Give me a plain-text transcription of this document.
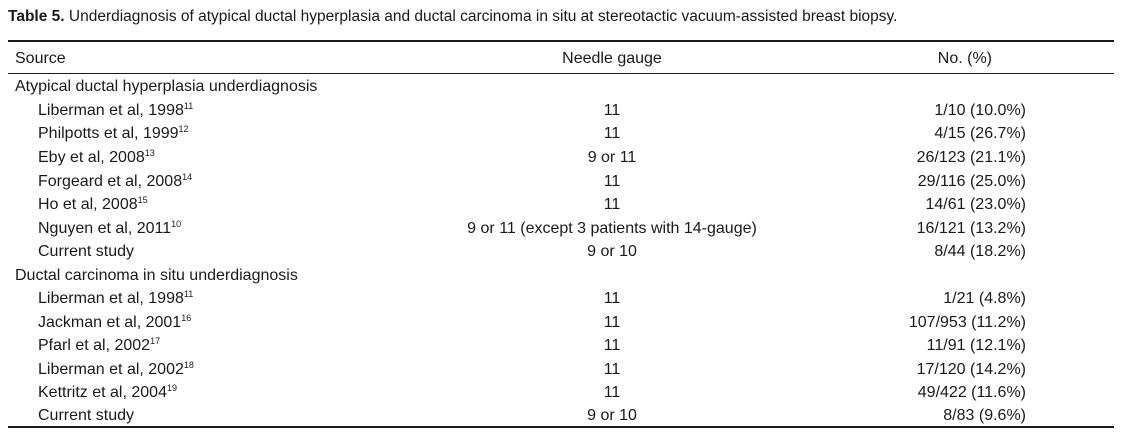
Table 5. Underdiagnosis of atypical ductal hyperplasia and ductal carcinoma in situ at stereotactic vacuum-assisted breast biopsy.
Source	Needle gauge	No. (%)
Atypical ductal hyperplasia underdiagnosis
Liberman et al, 1998$^{11}$	11	1/10 (10.0%)
Philpotts et al, 1999$^{12}$	11	4/15 (26.7%)
Eby et al, 2008$^{13}$	9 or 11	26/123 (21.1%)
Forgeard et al, 2008$^{14}$	11	29/116 (25.0%)
Ho et al, 2008$^{15}$	11	14/61 (23.0%)
Nguyen et al, 2011$^{10}$	9 or 11 (except 3 patients with 14-gauge)	16/121 (13.2%)
Current study	9 or 10	8/44 (18.2%)
Ductal carcinoma in situ underdiagnosis
Liberman et al, 1998$^{11}$	11	1/21 (4.8%)
Jackman et al, 2001$^{16}$	11	107/953 (11.2%)
Pfarl et al, 2002$^{17}$	11	11/91 (12.1%)
Liberman et al, 2002$^{18}$	11	17/120 (14.2%)
Kettritz et al, 2004$^{19}$	11	49/422 (11.6%)
Current study	9 or 10	8/83 (9.6%)
